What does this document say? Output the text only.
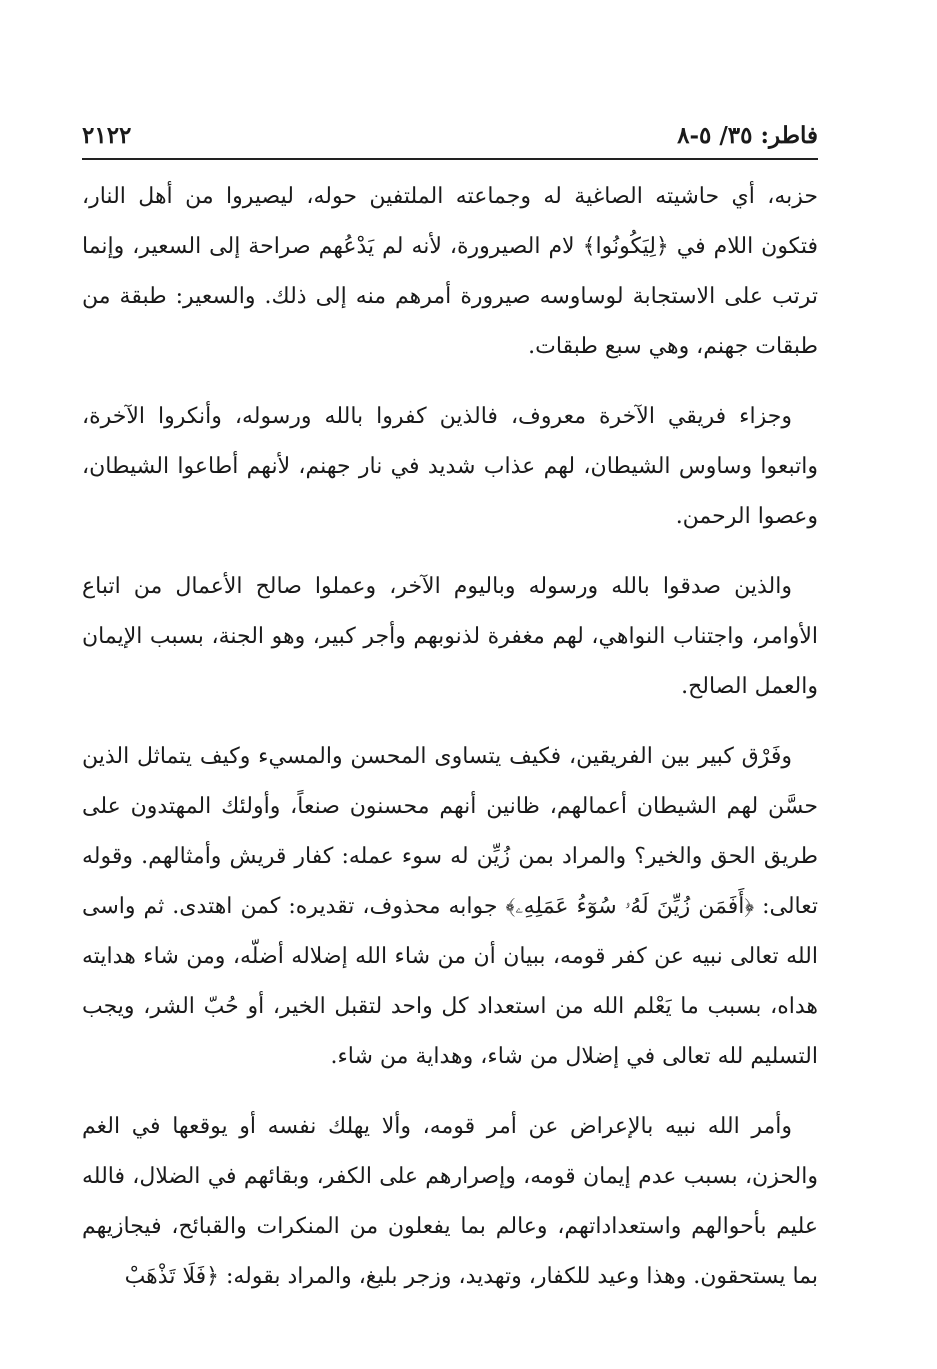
فاطر: ٣٥/ ٥-٨
٢١٢٢

حزبه، أي حاشيته الصاغية له وجماعته الملتفين حوله، ليصيروا من أهل النار، فتكون اللام في ﴿لِيَكُونُوا﴾ لام الصيرورة، لأنه لم يَدْعُهم صراحة إلى السعير، وإنما ترتب على الاستجابة لوساوسه صيرورة أمرهم منه إلى ذلك. والسعير: طبقة من طبقات جهنم، وهي سبع طبقات.

وجزاء فريقي الآخرة معروف، فالذين كفروا بالله ورسوله، وأنكروا الآخرة، واتبعوا وساوس الشيطان، لهم عذاب شديد في نار جهنم، لأنهم أطاعوا الشيطان، وعصوا الرحمن.

والذين صدقوا بالله ورسوله وباليوم الآخر، وعملوا صالح الأعمال من اتباع الأوامر، واجتناب النواهي، لهم مغفرة لذنوبهم وأجر كبير، وهو الجنة، بسبب الإيمان والعمل الصالح.

وفَرْق كبير بين الفريقين، فكيف يتساوى المحسن والمسيء وكيف يتماثل الذين حسَّن لهم الشيطان أعمالهم، ظانين أنهم محسنون صنعاً، وأولئك المهتدون على طريق الحق والخير؟ والمراد بمن زُيِّن له سوء عمله: كفار قريش وأمثالهم. وقوله تعالى: ﴿أَفَمَن زُيِّنَ لَهُۥ سُوٓءُ عَمَلِهِۦ﴾ جوابه محذوف، تقديره: كمن اهتدى. ثم واسى الله تعالى نبيه عن كفر قومه، ببيان أن من شاء الله إضلاله أضلّه، ومن شاء هدايته هداه، بسبب ما يَعْلم الله من استعداد كل واحد لتقبل الخير، أو حُبّ الشر، ويجب التسليم لله تعالى في إضلال من شاء، وهداية من شاء.

وأمر الله نبيه بالإعراض عن أمر قومه، وألا يهلك نفسه أو يوقعها في الغم والحزن، بسبب عدم إيمان قومه، وإصرارهم على الكفر، وبقائهم في الضلال، فالله عليم بأحوالهم واستعداداتهم، وعالم بما يفعلون من المنكرات والقبائح، فيجازيهم بما يستحقون. وهذا وعيد للكفار، وتهديد، وزجر بليغ، والمراد بقوله: ﴿فَلَا تَذْهَبْ
